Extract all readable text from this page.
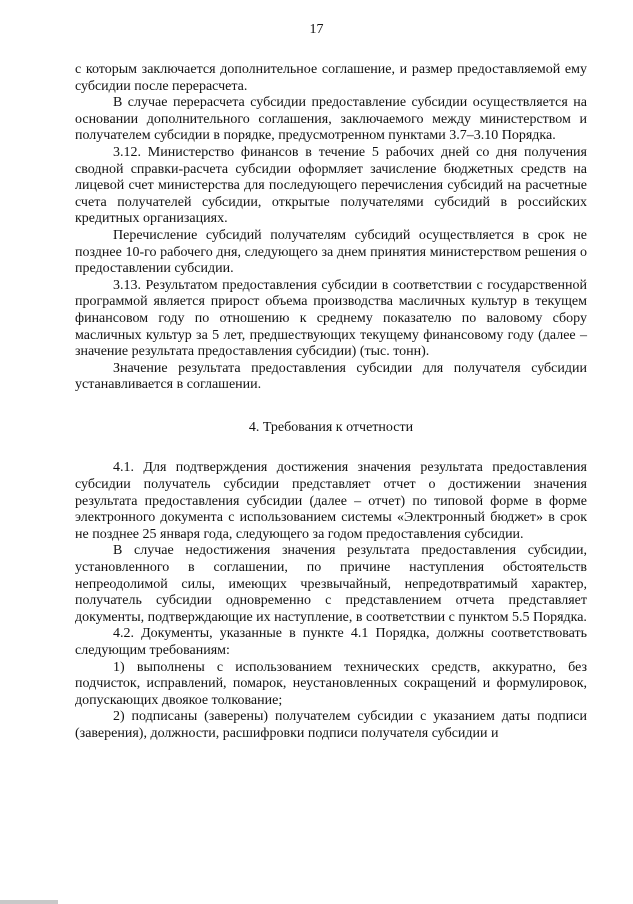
17

с которым заключается дополнительное соглашение, и размер предоставляемой ему субсидии после перерасчета.

В случае перерасчета субсидии предоставление субсидии осуществляется на основании дополнительного соглашения, заключаемого между министерством и получателем субсидии в порядке, предусмотренном пунктами 3.7–3.10 Порядка.

3.12. Министерство финансов в течение 5 рабочих дней со дня получения сводной справки-расчета субсидии оформляет зачисление бюджетных средств на лицевой счет министерства для последующего перечисления субсидий на расчетные счета получателей субсидии, открытые получателями субсидий в российских кредитных организациях.

Перечисление субсидий получателям субсидий осуществляется в срок не позднее 10-го рабочего дня, следующего за днем принятия министерством решения о предоставлении субсидии.

3.13. Результатом предоставления субсидии в соответствии с государственной программой является прирост объема производства масличных культур в текущем финансовом году по отношению к среднему показателю по валовому сбору масличных культур за 5 лет, предшествующих текущему финансовому году (далее – значение результата предоставления субсидии) (тыс. тонн).

Значение результата предоставления субсидии для получателя субсидии устанавливается в соглашении.

4. Требования к отчетности

4.1. Для подтверждения достижения значения результата предоставления субсидии получатель субсидии представляет отчет о достижении значения результата предоставления субсидии (далее – отчет) по типовой форме в форме электронного документа с использованием системы «Электронный бюджет» в срок не позднее 25 января года, следующего за годом предоставления субсидии.

В случае недостижения значения результата предоставления субсидии, установленного в соглашении, по причине наступления обстоятельств непреодолимой силы, имеющих чрезвычайный, непредотвратимый характер, получатель субсидии одновременно с представлением отчета представляет документы, подтверждающие их наступление, в соответствии с пунктом 5.5 Порядка.

4.2. Документы, указанные в пункте 4.1 Порядка, должны соответствовать следующим требованиям:

1) выполнены с использованием технических средств, аккуратно, без подчисток, исправлений, помарок, неустановленных сокращений и формулировок, допускающих двоякое толкование;

2) подписаны (заверены) получателем субсидии с указанием даты подписи (заверения), должности, расшифровки подписи получателя субсидии и
